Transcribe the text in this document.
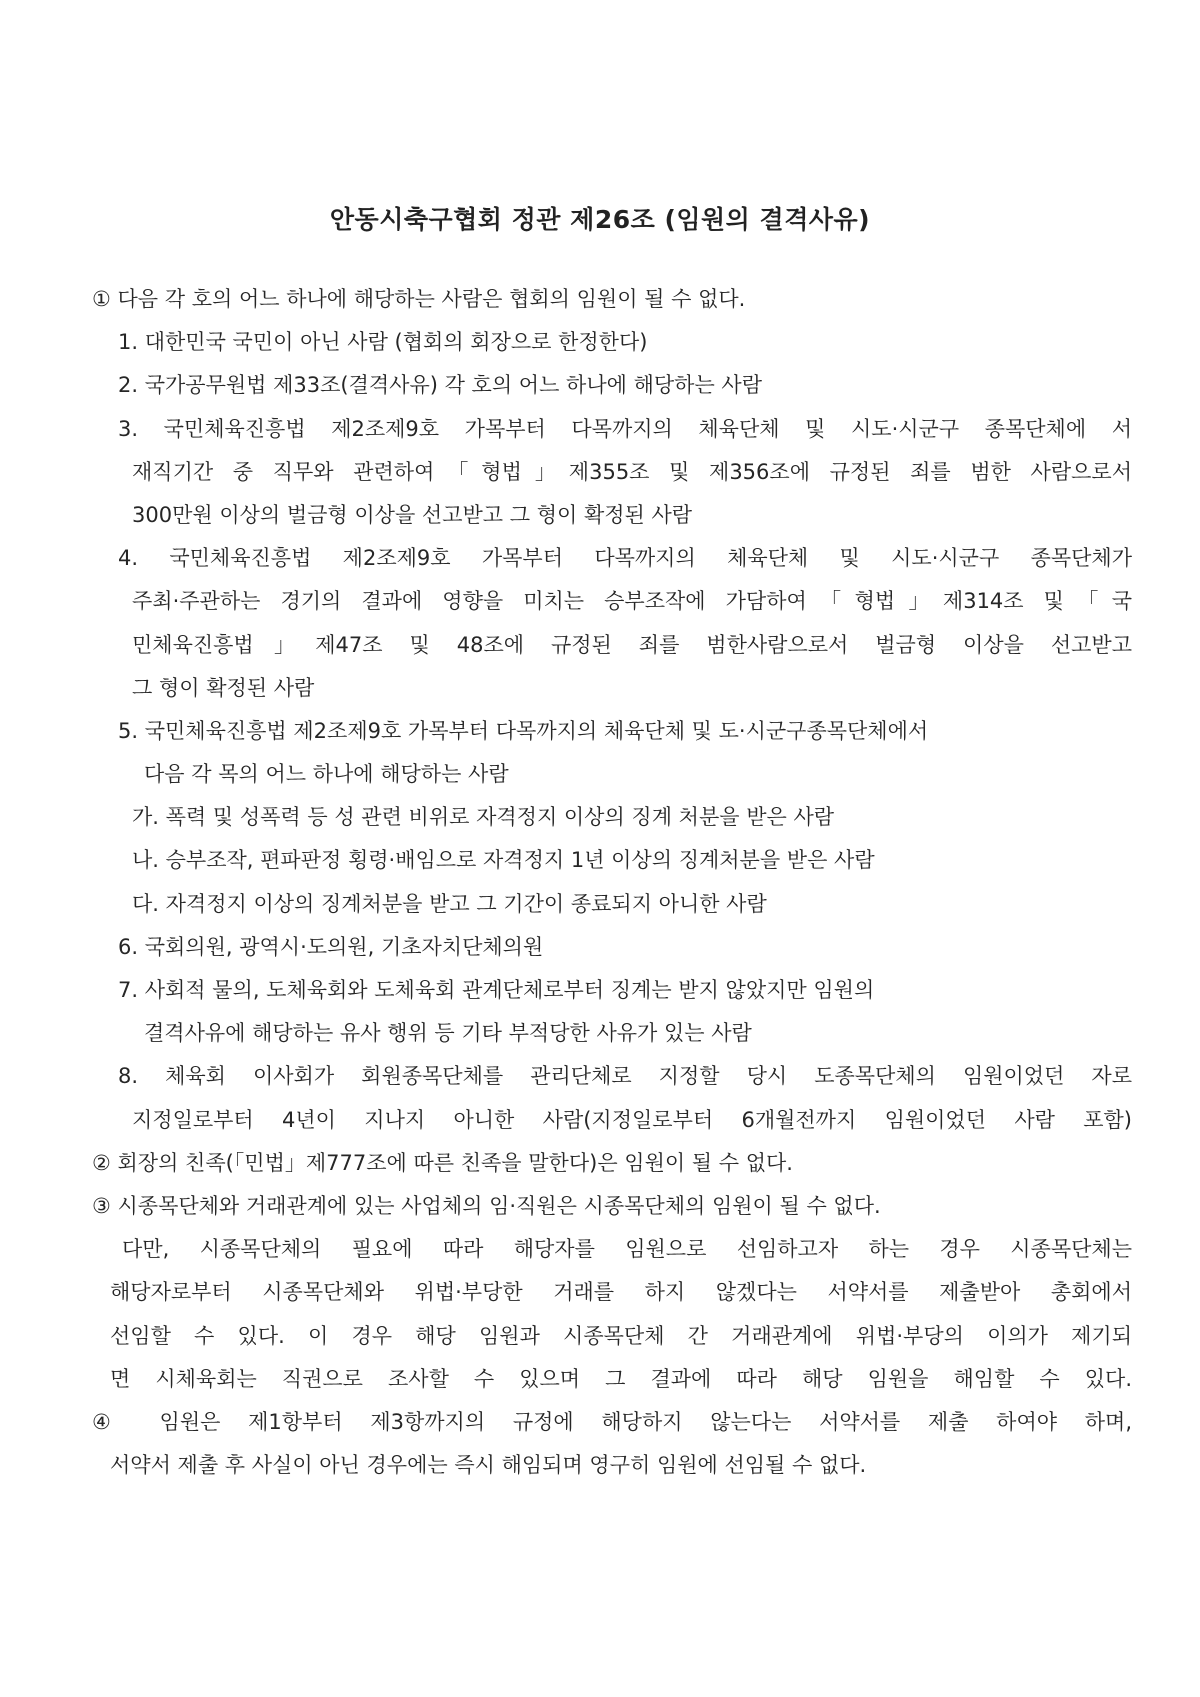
안동시축구협회 정관 제26조 (임원의 결격사유)
① 다음 각 호의 어느 하나에 해당하는 사람은 협회의 임원이 될 수 없다.
1. 대한민국 국민이 아닌 사람 (협회의 회장으로 한정한다)
2. 국가공무원법 제33조(결격사유) 각 호의 어느 하나에 해당하는 사람
3. 국민체육진흥법 제2조제9호 가목부터 다목까지의 체육단체 및 시도·시군구 종목단체에 서
재직기간 중 직무와 관련하여「형법」제355조 및 제356조에 규정된 죄를 범한 사람으로서
300만원 이상의 벌금형 이상을 선고받고 그 형이 확정된 사람
4. 국민체육진흥법 제2조제9호 가목부터 다목까지의 체육단체 및 시도·시군구 종목단체가
주최·주관하는 경기의 결과에 영향을 미치는 승부조작에 가담하여「형법」제314조 및「국
민체육진흥법」제47조 및 48조에 규정된 죄를 범한사람으로서 벌금형 이상을 선고받고
그 형이 확정된 사람
5. 국민체육진흥법 제2조제9호 가목부터 다목까지의 체육단체 및 도·시군구종목단체에서
다음 각 목의 어느 하나에 해당하는 사람
가. 폭력 및 성폭력 등 성 관련 비위로 자격정지 이상의 징계 처분을 받은 사람
나. 승부조작, 편파판정 횡령·배임으로 자격정지 1년 이상의 징계처분을 받은 사람
다. 자격정지 이상의 징계처분을 받고 그 기간이 종료되지 아니한 사람
6. 국회의원, 광역시·도의원, 기초자치단체의원
7. 사회적 물의, 도체육회와 도체육회 관계단체로부터 징계는 받지 않았지만 임원의
결격사유에 해당하는 유사 행위 등 기타 부적당한 사유가 있는 사람
8. 체육회 이사회가 회원종목단체를 관리단체로 지정할 당시 도종목단체의 임원이었던 자로
지정일로부터 4년이 지나지 아니한 사람(지정일로부터 6개월전까지 임원이었던 사람 포함)
② 회장의 친족(「민법」제777조에 따른 친족을 말한다)은 임원이 될 수 없다.
③ 시종목단체와 거래관계에 있는 사업체의 임·직원은 시종목단체의 임원이 될 수 없다.
다만, 시종목단체의 필요에 따라 해당자를 임원으로 선임하고자 하는 경우 시종목단체는
해당자로부터 시종목단체와 위법·부당한 거래를 하지 않겠다는 서약서를 제출받아 총회에서
선임할 수 있다. 이 경우 해당 임원과 시종목단체 간 거래관계에 위법·부당의 이의가 제기되
면 시체육회는 직권으로 조사할 수 있으며 그 결과에 따라 해당 임원을 해임할 수 있다.
④ 임원은 제1항부터 제3항까지의 규정에 해당하지 않는다는 서약서를 제출 하여야 하며,
서약서 제출 후 사실이 아닌 경우에는 즉시 해임되며 영구히 임원에 선임될 수 없다.
